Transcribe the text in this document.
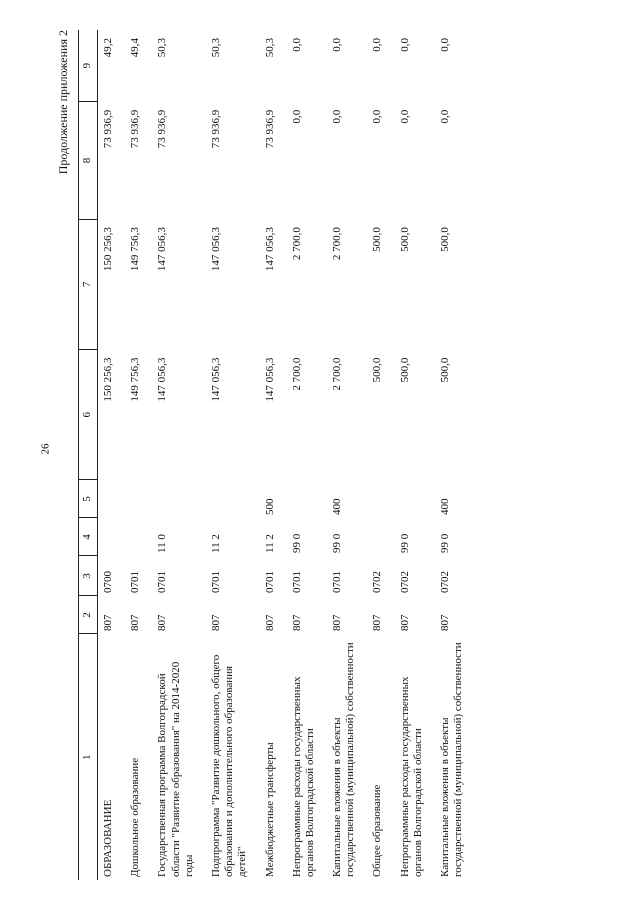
26
Продолжение приложения 2
1	2	3	4	5	6	7	8	9
ОБРАЗОВАНИЕ	807	0700			150 256,3	150 256,3	73 936,9	49,2
Дошкольное образование	807	0701			149 756,3	149 756,3	73 936,9	49,4
Государственная программа Волгоградской области "Развитие образования" на 2014-2020 годы	807	0701	11 0		147 056,3	147 056,3	73 936,9	50,3
Подпрограмма "Развитие дошкольного, общего образования и дополнительного образования детей"	807	0701	11 2		147 056,3	147 056,3	73 936,9	50,3
Межбюджетные трансферты	807	0701	11 2	500	147 056,3	147 056,3	73 936,9	50,3
Непрограммные расходы государственных органов Волгоградской области	807	0701	99 0		2 700,0	2 700,0	0,0	0,0
Капитальные вложения в объекты государственной (муниципальной) собственности	807	0701	99 0	400	2 700,0	2 700,0	0,0	0,0
Общее образование	807	0702			500,0	500,0	0,0	0,0
Непрограммные расходы государственных органов Волгоградской области	807	0702	99 0		500,0	500,0	0,0	0,0
Капитальные вложения в объекты государственной (муниципальной) собственности	807	0702	99 0	400	500,0	500,0	0,0	0,0
